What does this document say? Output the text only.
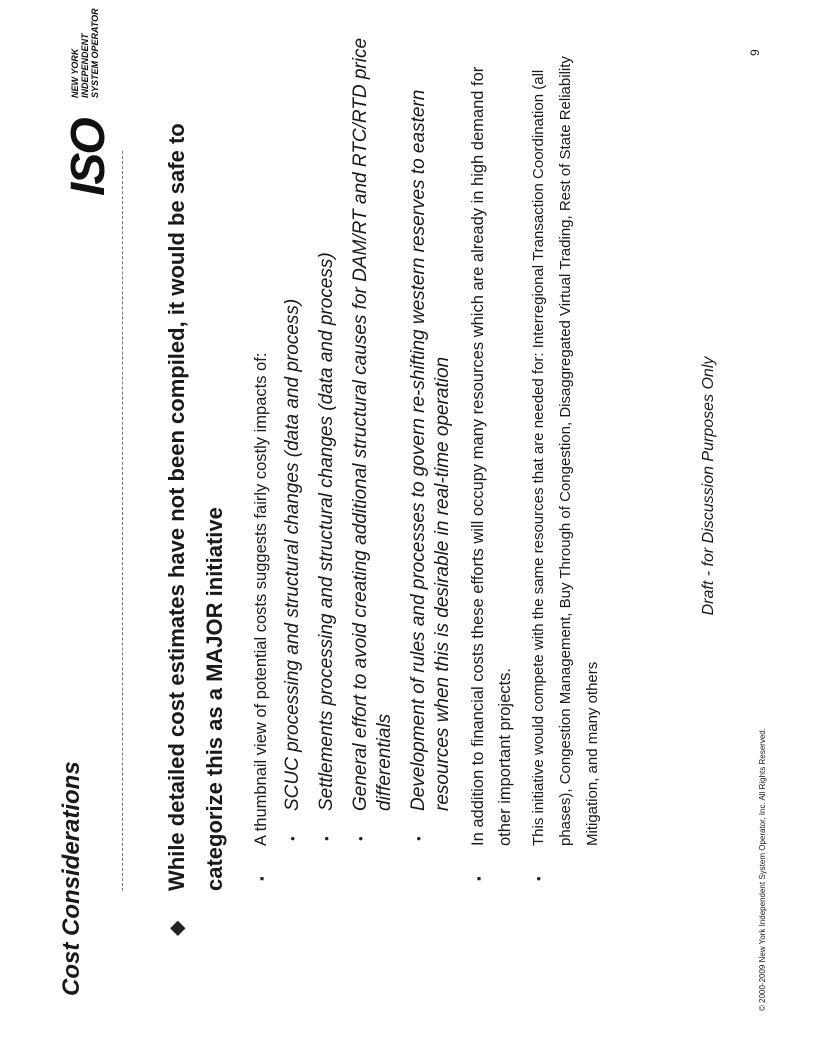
Cost Considerations
ISO
NEW YORK INDEPENDENT SYSTEM OPERATOR
◆
While detailed cost estimates have not been compiled, it would be safe to categorize this as a MAJOR initiative	▪
A thumbnail view of potential costs suggests fairly costly impacts of:	•
SCUC processing and structural changes (data and process)
•
Settlements processing and structural changes (data and process)
•
General effort to avoid creating additional structural causes for DAM/RT and RTC/RTD price differentials
•
Development of rules and processes to govern re-shifting western reserves to eastern resources when this is desirable in real-time operation
▪
In addition to financial costs these efforts will occupy many resources which are already in high demand for other important projects.
•
This initiative would compete with the same resources that are needed for: Interregional Transaction Coordination (all phases), Congestion Management, Buy Through of Congestion, Disaggregated Virtual Trading, Rest of State Reliability Mitigation, and many others
Draft - for Discussion Purposes Only
© 2000-2009 New York Independent System Operator, Inc. All Rights Reserved.
9
